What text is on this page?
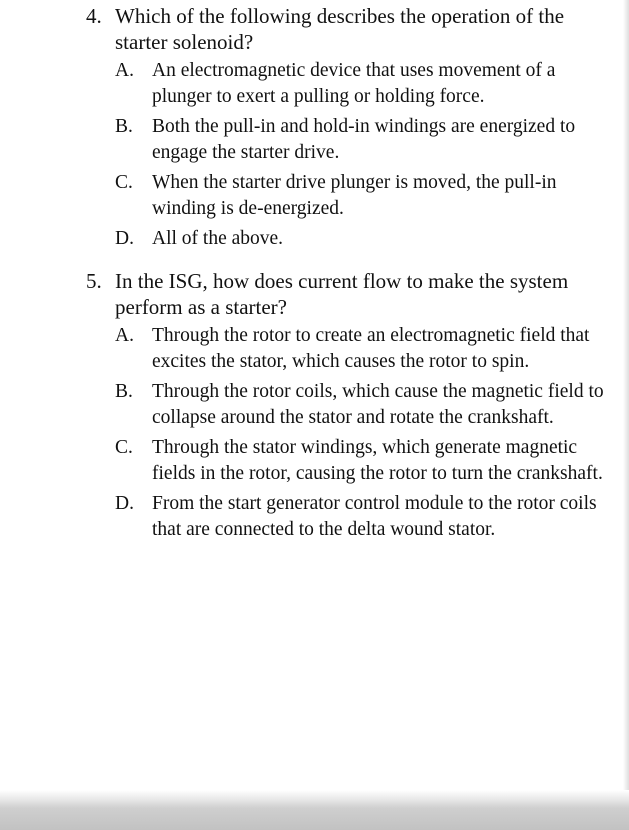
4. Which of the following describes the operation of the starter solenoid?
A. An electromagnetic device that uses movement of a plunger to exert a pulling or holding force.
B. Both the pull-in and hold-in windings are energized to engage the starter drive.
C. When the starter drive plunger is moved, the pull-in winding is de-energized.
D. All of the above.
5. In the ISG, how does current flow to make the system perform as a starter?
A. Through the rotor to create an electromagnetic field that excites the stator, which causes the rotor to spin.
B. Through the rotor coils, which cause the magnetic field to collapse around the stator and rotate the crankshaft.
C. Through the stator windings, which generate magnetic fields in the rotor, causing the rotor to turn the crankshaft.
D. From the start generator control module to the rotor coils that are connected to the delta wound stator.
